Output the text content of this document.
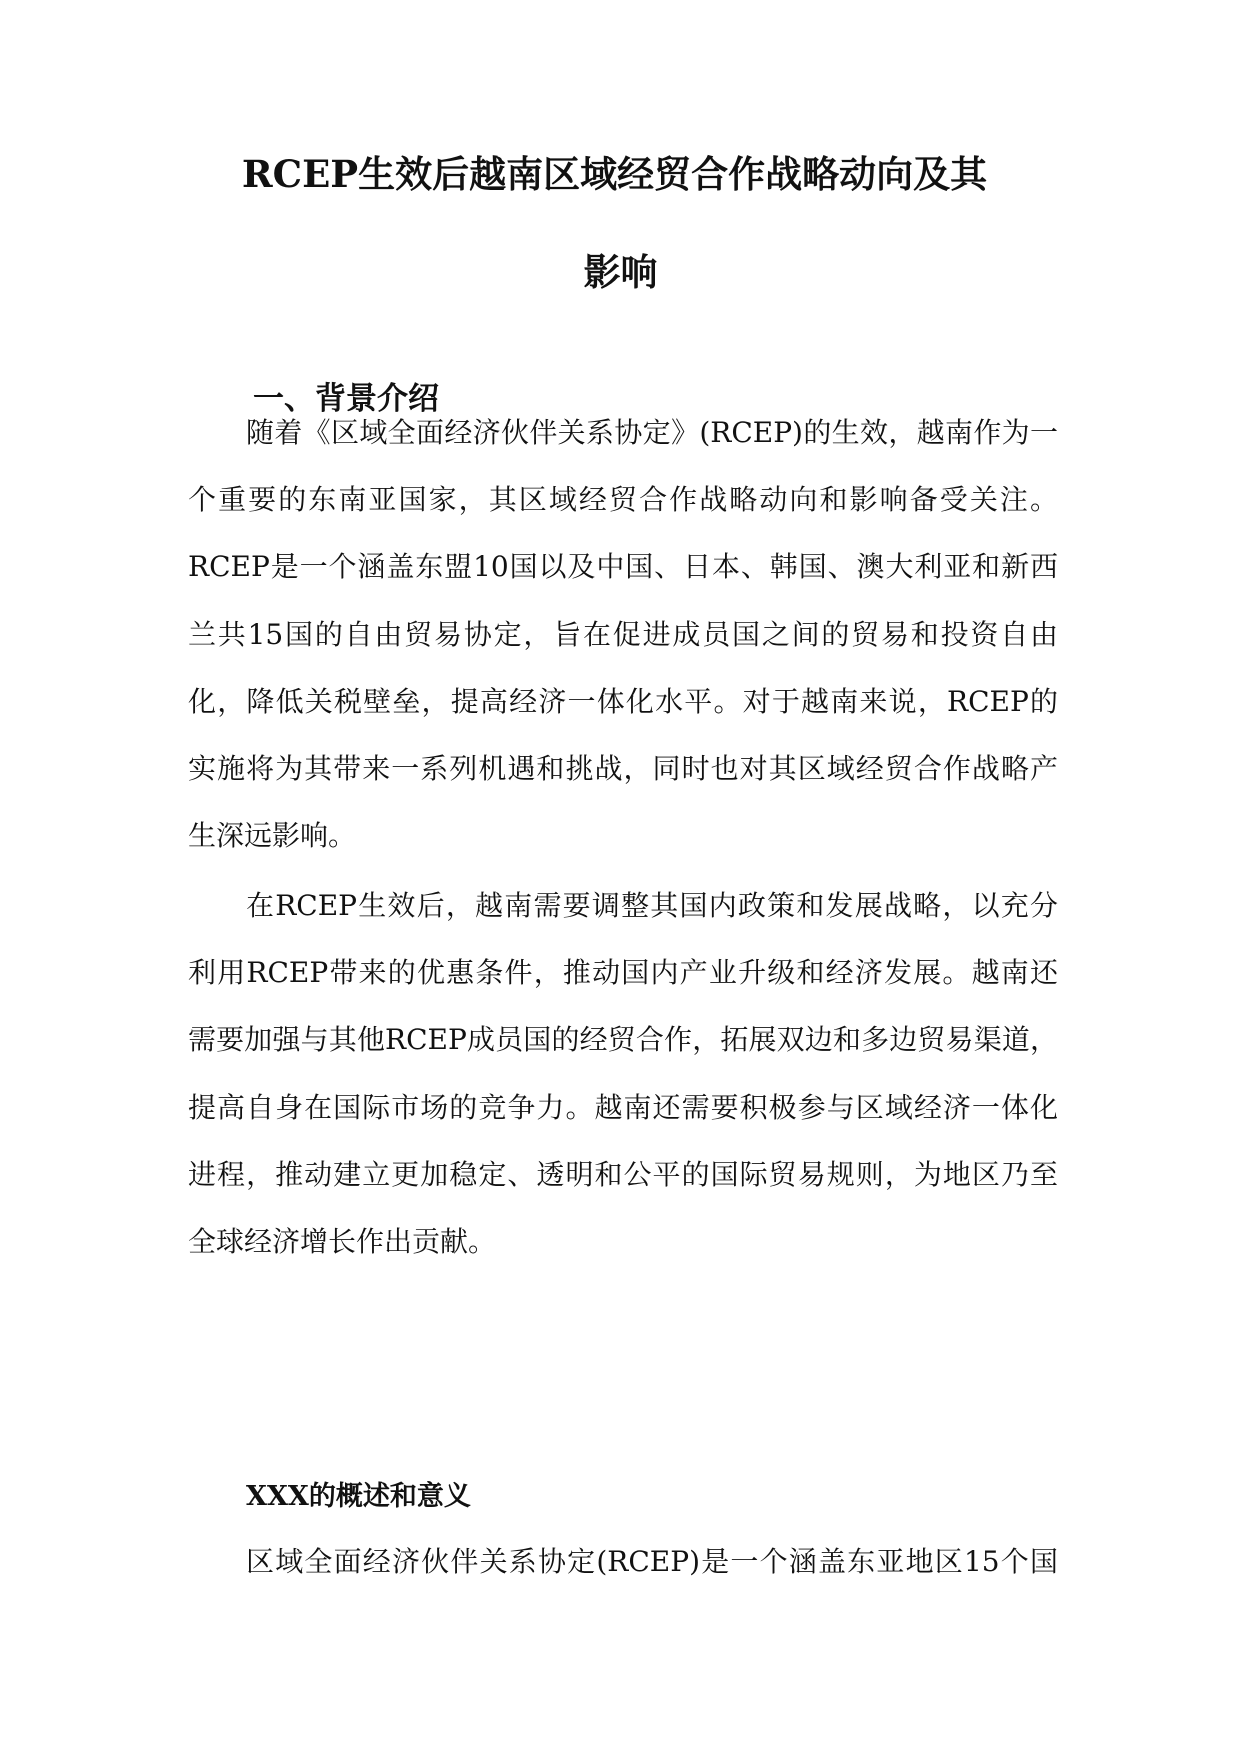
RCEP生效后越南区域经贸合作战略动向及其
影响
一、背景介绍
随着《区域全面经济伙伴关系协定》(RCEP)的生效，越南作为一
个重要的东南亚国家，其区域经贸合作战略动向和影响备受关注。
RCEP是一个涵盖东盟10国以及中国、日本、韩国、澳大利亚和新西
兰共15国的自由贸易协定，旨在促进成员国之间的贸易和投资自由
化，降低关税壁垒，提高经济一体化水平。对于越南来说，RCEP的
实施将为其带来一系列机遇和挑战，同时也对其区域经贸合作战略产
生深远影响。
在RCEP生效后，越南需要调整其国内政策和发展战略，以充分
利用RCEP带来的优惠条件，推动国内产业升级和经济发展。越南还
需要加强与其他RCEP成员国的经贸合作，拓展双边和多边贸易渠道，
提高自身在国际市场的竞争力。越南还需要积极参与区域经济一体化
进程，推动建立更加稳定、透明和公平的国际贸易规则，为地区乃至
全球经济增长作出贡献。
XXX的概述和意义
区域全面经济伙伴关系协定(RCEP)是一个涵盖东亚地区15个国
